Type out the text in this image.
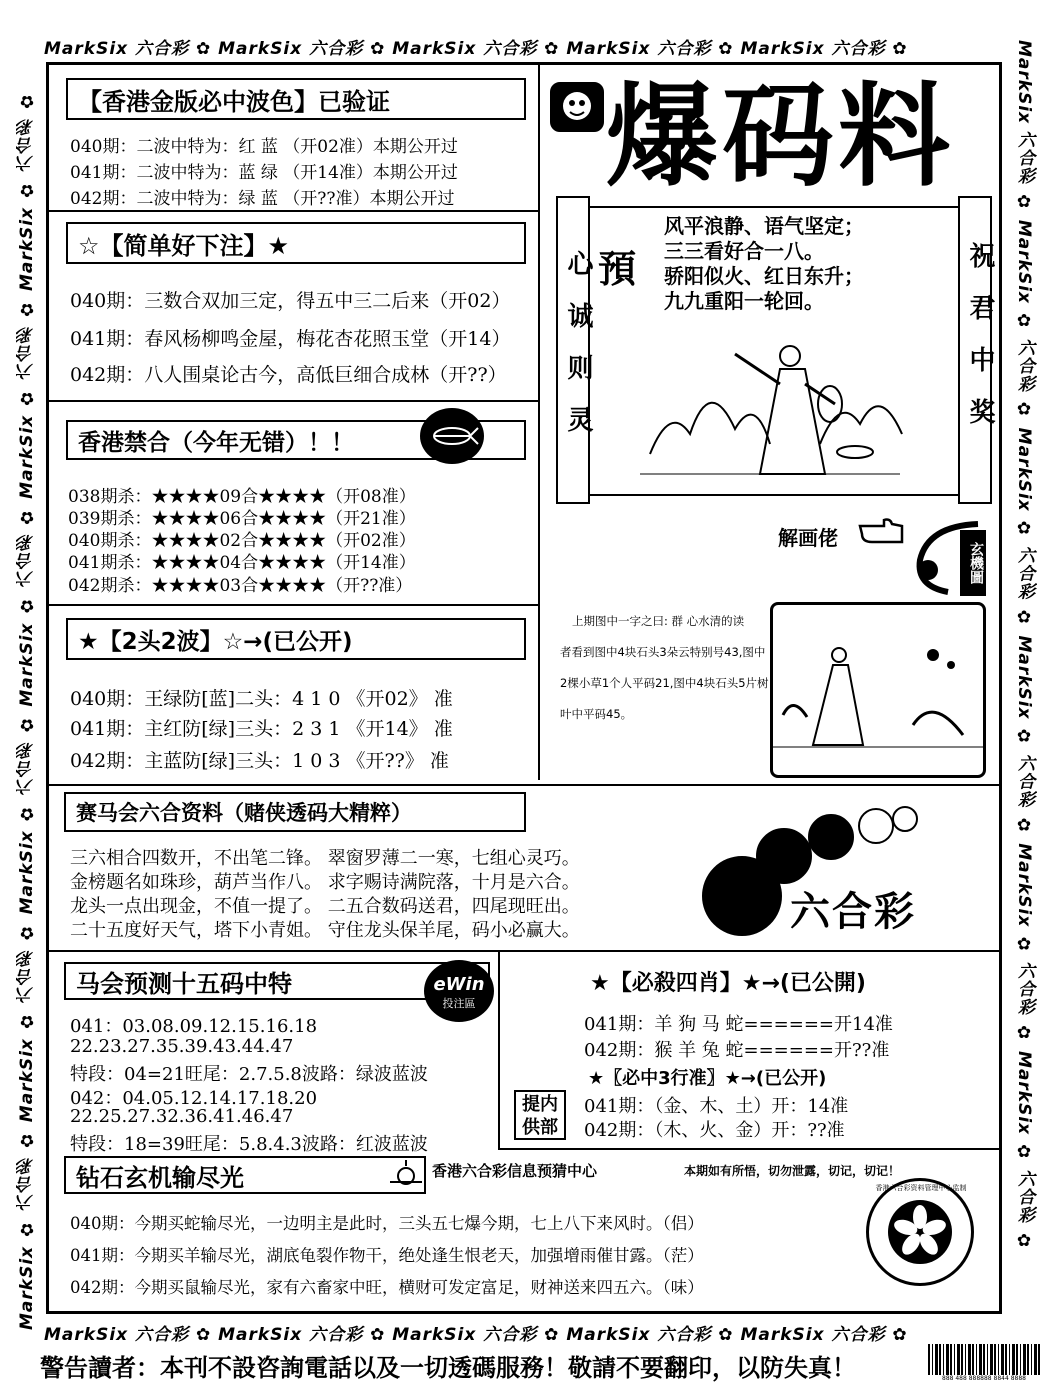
MarkSix 六合彩 ✿ MarkSix 六合彩 ✿ MarkSix 六合彩 ✿ MarkSix 六合彩 ✿ MarkSix 六合彩 ✿
MarkSix 六合彩 ✿ MarkSix 六合彩 ✿ MarkSix 六合彩 ✿ MarkSix 六合彩 ✿ MarkSix 六合彩 ✿
MarkSix ✿ 六合彩 ✿ MarkSix ✿ 六合彩 ✿ MarkSix ✿ 六合彩 ✿ MarkSix ✿ 六合彩 ✿ MarkSix ✿ 六合彩 ✿ MarkSix ✿ 六合彩 ✿	MarkSix 六合彩 ✿ MarkSix ✿ 六合彩 ✿ MarkSix ✿ 六合彩 ✿ MarkSix ✿ 六合彩 ✿ MarkSix ✿ 六合彩 ✿ MarkSix ✿ 六合彩 ✿
警告讀者：本刊不設咨詢電話以及一切透碼服務！敬請不要翻印，以防失真！	888 488 888888 8844 8888
【香港金版必中波色】已验证
040期：二波中特为：红 蓝 （开02准）本期公开过
041期：二波中特为：蓝 绿 （开14准）本期公开过
042期：二波中特为：绿 蓝 （开??准）本期公开过
☆【简单好下注】★
040期：三数合双加三定，得五中三二后来（开02）
041期：春风杨柳鸣金屋，梅花杏花照玉堂（开14）
042期：八人围桌论古今，高低巨细合成林（开??）
香港禁合（今年无错）！！
038期杀：★★★★09合★★★★（开08准）
039期杀：★★★★06合★★★★（开21准）
040期杀：★★★★02合★★★★（开02准）
041期杀：★★★★04合★★★★（开14准）
042期杀：★★★★03合★★★★（开??准）
★【2头2波】☆→(已公开)
040期：王绿防[蓝]二头：4 1 0 《开02》 准
041期：主红防[绿]三头：2 3 1 《开14》 准
042期：主蓝防[绿]三头：1 0 3 《开??》 准
爆码料
心诚则灵	祝君中奖
預
风平浪静、语气坚定；
三三看好合一八。
骄阳似火、红日东升；
九九重阳一轮回。
解画佬
玄機圖
上期图中一字之曰: 群 心水清的读
者看到图中4块石头3朵云特别号43,图中
2棵小草1个人平码21,图中4块石头5片树
叶中平码45。
赛马会六合资料（赌侠透码大精粹）
三六相合四数开，不出笔二锋。 翠窗罗薄二一寒，七组心灵巧。
金榜题名如珠珍，葫芦当作八。 求字赐诗满院落，十月是六合。
龙头一点出现金，不值一提了。 二五合数码送君，四尾现旺出。
二十五度好天气，塔下小青姐。 守住龙头保羊尾，码小必赢大。	六合彩
马会预测十五码中特	eWin
投注區
041：03.08.09.12.15.16.18
22.23.27.35.39.43.44.47
特段：04=21旺尾：2.7.5.8波路：绿波蓝波
042：04.05.12.14.17.18.20
22.25.27.32.36.41.46.47
特段：18=39旺尾：5.8.4.3波路：红波蓝波
★【必殺四肖】★→(已公開)
041期：羊 狗 马 蛇======开14准
042期：猴 羊 兔 蛇======开??准
★〖必中3行准〗★→(已公开)
041期：（金、木、土）开：14准
042期：（木、火、金）开：??准
提内供部
钻石玄机输尽光	香港六合彩信息预猜中心	本期如有所悟，切勿泄露，切记，切记！
040期：今期买蛇输尽光，一边明主是此时，三头五七爆今期，七上八下来风时。（侣）
041期：今期买羊输尽光，湖底龟裂作物干，绝处逢生恨老天，加强增雨催甘露。（茫）
042期：今期买鼠输尽光，家有六畜家中旺，横财可发定富足，财神送来四五六。（味）
香港六合彩资料管理中心监制
